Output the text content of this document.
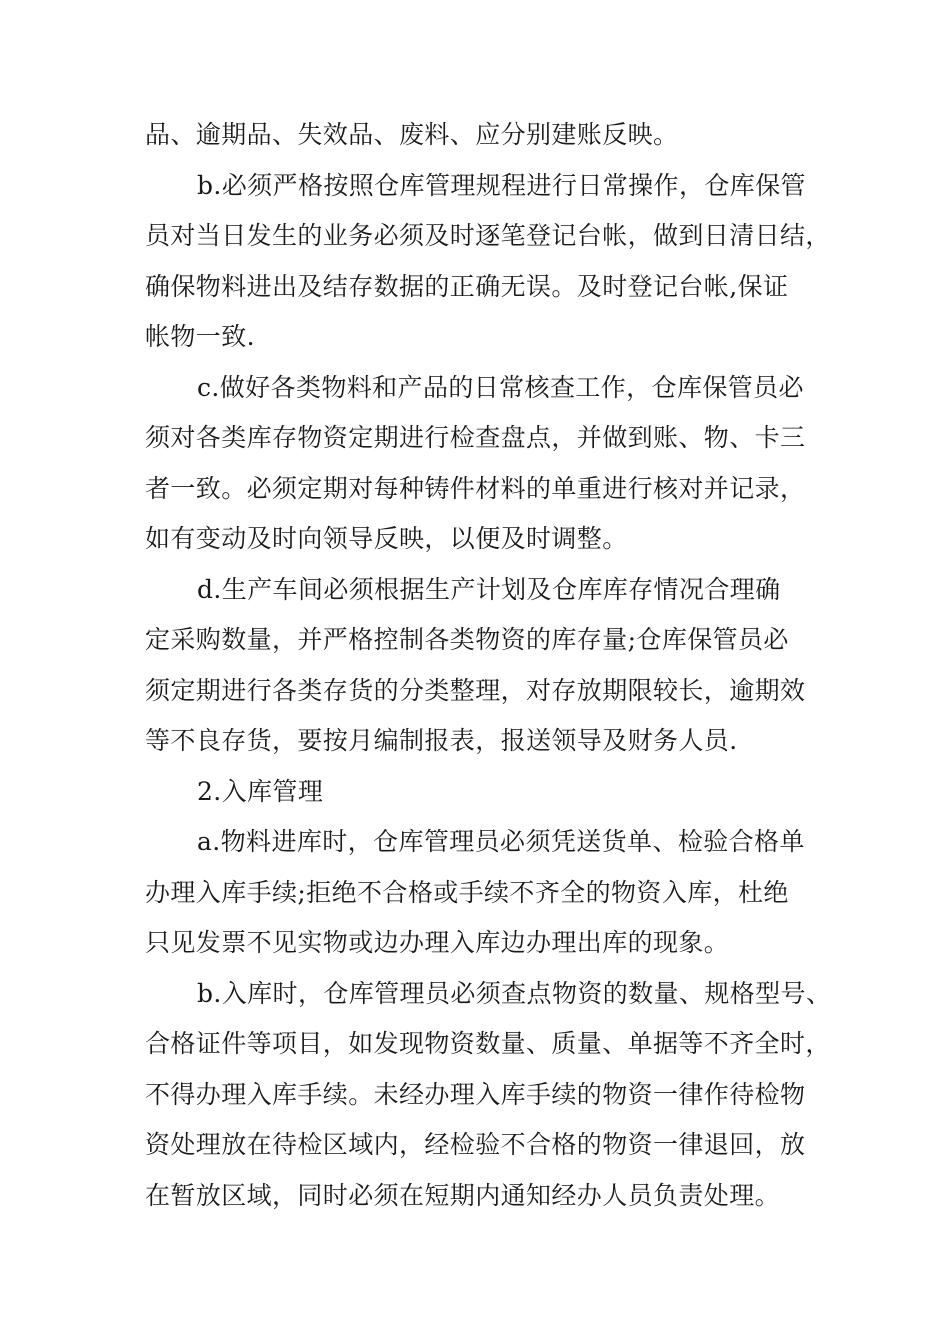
品、逾期品、失效品、废料、应分别建账反映。
b.必须严格按照仓库管理规程进行日常操作，仓库保管
员对当日发生的业务必须及时逐笔登记台帐，做到日清日结，
确保物料进出及结存数据的正确无误。及时登记台帐,保证
帐物一致.
c.做好各类物料和产品的日常核查工作，仓库保管员必
须对各类库存物资定期进行检查盘点，并做到账、物、卡三
者一致。必须定期对每种铸件材料的单重进行核对并记录，
如有变动及时向领导反映，以便及时调整。
d.生产车间必须根据生产计划及仓库库存情况合理确
定采购数量，并严格控制各类物资的库存量;仓库保管员必
须定期进行各类存货的分类整理，对存放期限较长，逾期效
等不良存货，要按月编制报表，报送领导及财务人员.
2.入库管理
a.物料进库时，仓库管理员必须凭送货单、检验合格单
办理入库手续;拒绝不合格或手续不齐全的物资入库，杜绝
只见发票不见实物或边办理入库边办理出库的现象。
b.入库时，仓库管理员必须查点物资的数量、规格型号、
合格证件等项目，如发现物资数量、质量、单据等不齐全时，
不得办理入库手续。未经办理入库手续的物资一律作待检物
资处理放在待检区域内，经检验不合格的物资一律退回，放
在暂放区域，同时必须在短期内通知经办人员负责处理。
